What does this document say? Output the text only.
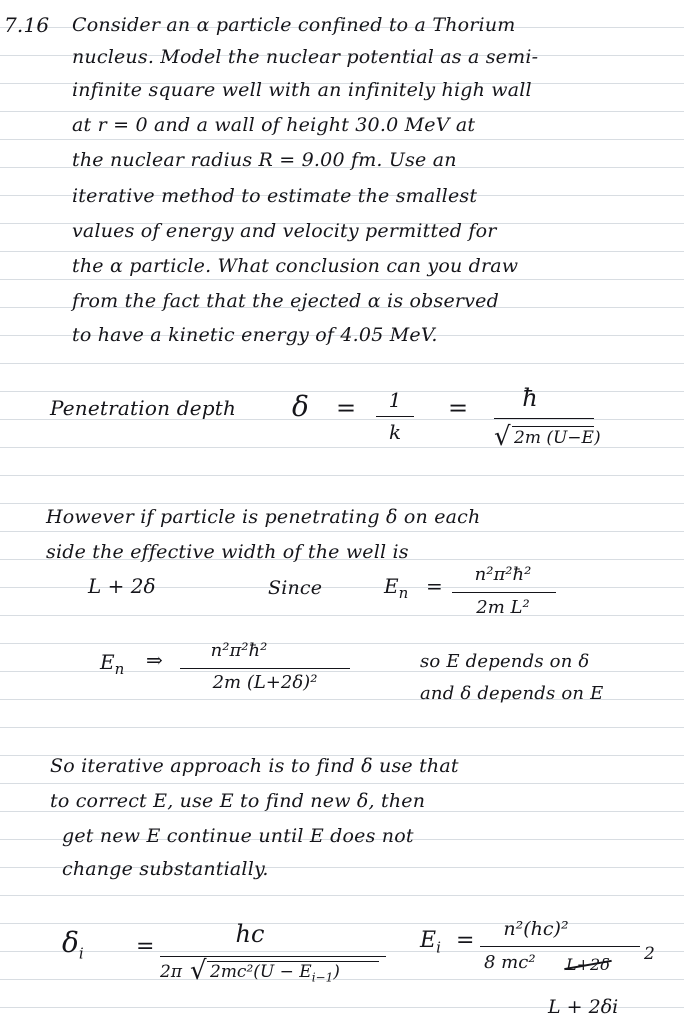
7.16 Consider an α particle confined to a Thorium
nucleus. Model the nuclear potential as a semi-
infinite square well with an infinitely high wall
at r = 0 and a wall of height 30.0 MeV at
the nuclear radius R = 9.00 fm. Use an
iterative method to estimate the smallest
values of energy and velocity permitted for
the α particle. What conclusion can you draw
from the fact that the ejected α is observed
to have a kinetic energy of 4.05 MeV.
Penetration depth δ =	1
k
=	ħ
√ 2m (U−E)
However if particle is penetrating δ on each
side the effective width of the well is
L + 2δ	Since	$E_n$ =	n²π²ħ²
2m L²
$E_n$ ⇒	n²π²ħ²
2m (L+2δ)²
so E depends on δ
and δ depends on E
So iterative approach is to find δ use that
to correct E, use E to find new δ, then
get new E continue until E does not
change substantially.
$\delta_i$ =	hc
2π √ $2mc^2(U - E_{i-1})$
$E_i$ =	n²(hc)²
8 mc² L+2δ
2
L + 2δi
